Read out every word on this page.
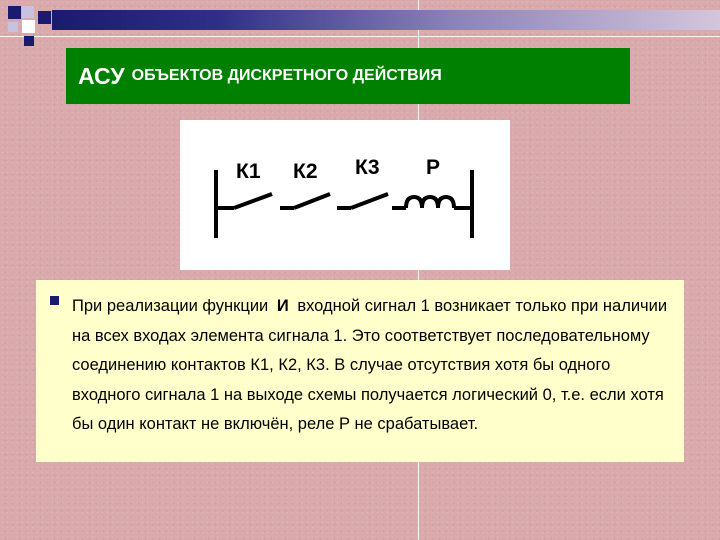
АСУ ОБЪЕКТОВ ДИСКРЕТНОГО ДЕЙСТВИЯ
К1 К2 К3 Р

При реализации функции И входной сигнал 1 возникает только при наличии на всех входах элемента сигнала 1. Это соответствует последовательному соединению контактов К1, К2, К3. В случае отсутствия хотя бы одного входного сигнала 1 на выходе схемы получается логический 0, т.е. если хотя бы один контакт не включён, реле Р не срабатывает.
